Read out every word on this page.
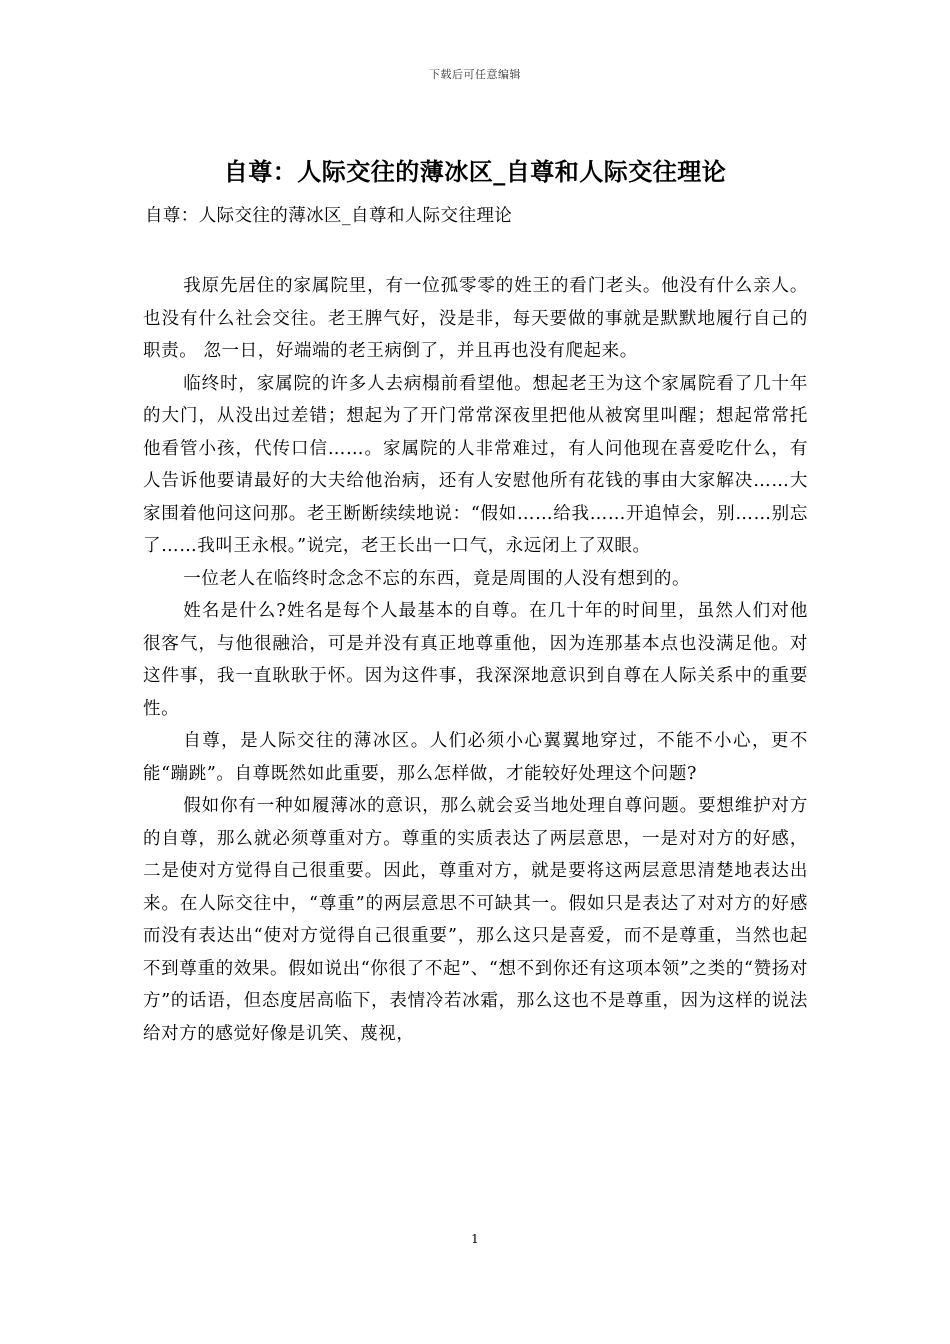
下载后可任意编辑
自尊：人际交往的薄冰区_自尊和人际交往理论

自尊：人际交往的薄冰区_自尊和人际交往理论

我原先居住的家属院里，有一位孤零零的姓王的看门老头。他没有什么亲人。也没有什么社会交往。老王脾气好，没是非，每天要做的事就是默默地履行自己的职责。 忽一日，好端端的老王病倒了，并且再也没有爬起来。

临终时，家属院的许多人去病榻前看望他。想起老王为这个家属院看了几十年的大门，从没出过差错；想起为了开门常常深夜里把他从被窝里叫醒；想起常常托他看管小孩，代传口信……。家属院的人非常难过，有人问他现在喜爱吃什么，有人告诉他要请最好的大夫给他治病，还有人安慰他所有花钱的事由大家解决……大家围着他问这问那。老王断断续续地说：“假如……给我……开追悼会，别……别忘了……我叫王永根。”说完，老王长出一口气，永远闭上了双眼。

一位老人在临终时念念不忘的东西，竟是周围的人没有想到的。

姓名是什么?姓名是每个人最基本的自尊。在几十年的时间里，虽然人们对他很客气，与他很融洽，可是并没有真正地尊重他，因为连那基本点也没满足他。对这件事，我一直耿耿于怀。因为这件事，我深深地意识到自尊在人际关系中的重要性。

自尊，是人际交往的薄冰区。人们必须小心翼翼地穿过，不能不小心，更不能“蹦跳”。自尊既然如此重要，那么怎样做，才能较好处理这个问题?

假如你有一种如履薄冰的意识，那么就会妥当地处理自尊问题。要想维护对方的自尊，那么就必须尊重对方。尊重的实质表达了两层意思，一是对对方的好感，二是使对方觉得自己很重要。因此，尊重对方，就是要将这两层意思清楚地表达出来。在人际交往中，“尊重”的两层意思不可缺其一。假如只是表达了对对方的好感而没有表达出“使对方觉得自己很重要”，那么这只是喜爱，而不是尊重，当然也起不到尊重的效果。假如说出“你很了不起”、“想不到你还有这项本领”之类的“赞扬对方”的话语，但态度居高临下，表情冷若冰霜，那么这也不是尊重，因为这样的说法给对方的感觉好像是讥笑、蔑视，

1
